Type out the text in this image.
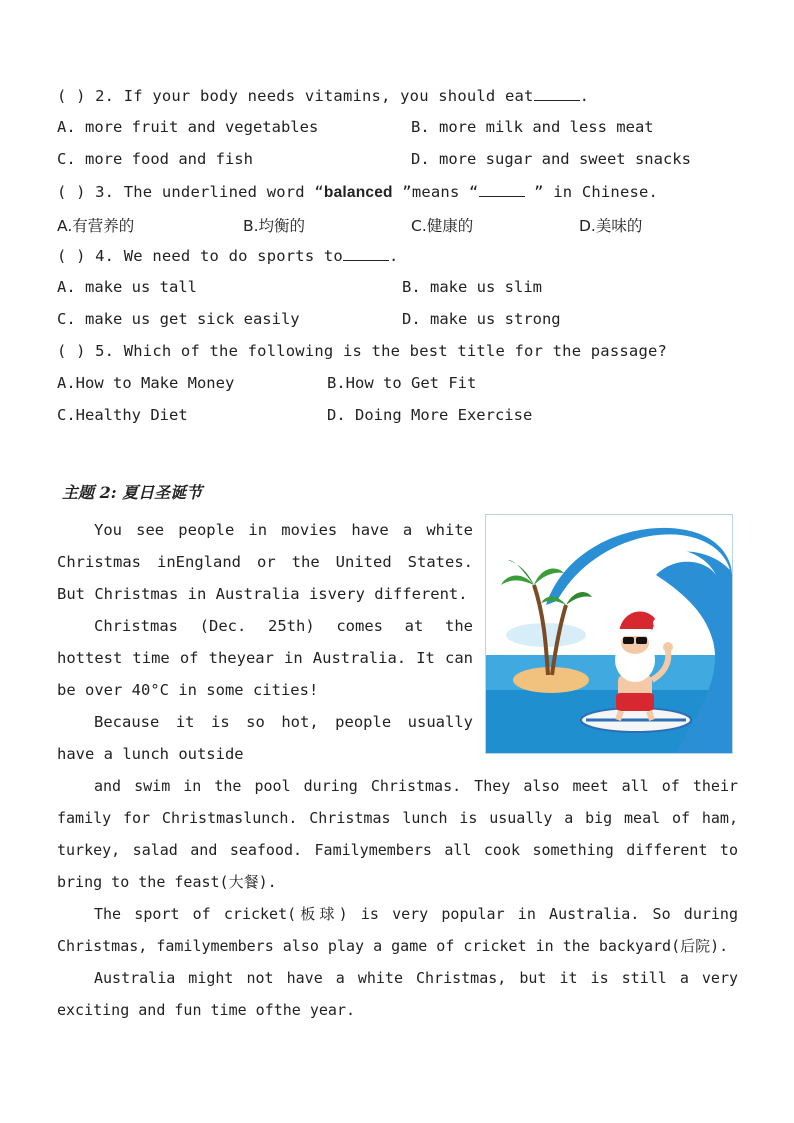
( ) 2. If your body needs vitamins, you should eat	.
A. more fruit and vegetables	B. more milk and less meat
C. more food and fish	D. more sugar and sweet snacks
( ) 3. The underlined word “balanced ”means “	” in Chinese.
A.有营养的	B.均衡的	C.健康的	D.美味的
( ) 4. We need to do sports to	.
A. make us tall	B. make us slim
C. make us get sick easily	D. make us strong
( ) 5. Which of the following is the best title for the passage?
A.How to Make Money	B.How to Get Fit
C.Healthy Diet	D. Doing More Exercise
主题 2: 夏日圣诞节
You see people in movies have a white Christmas inEngland or the United States. But Christmas in Australia isvery different.
Christmas (Dec. 25th) comes at the hottest time of theyear in Australia. It can be over 40°C in some cities!
Because it is so hot, people usually have a lunch outside
and swim in the pool during Christmas. They also meet all of their family for Christmaslunch. Christmas lunch is usually a big meal of ham, turkey, salad and seafood. Familymembers all cook something different to bring to the feast(大餐).
The sport of cricket(板球) is very popular in Australia. So during Christmas, familymembers also play a game of cricket in the backyard(后院).
Australia might not have a white Christmas, but it is still a very exciting and fun time ofthe year.
